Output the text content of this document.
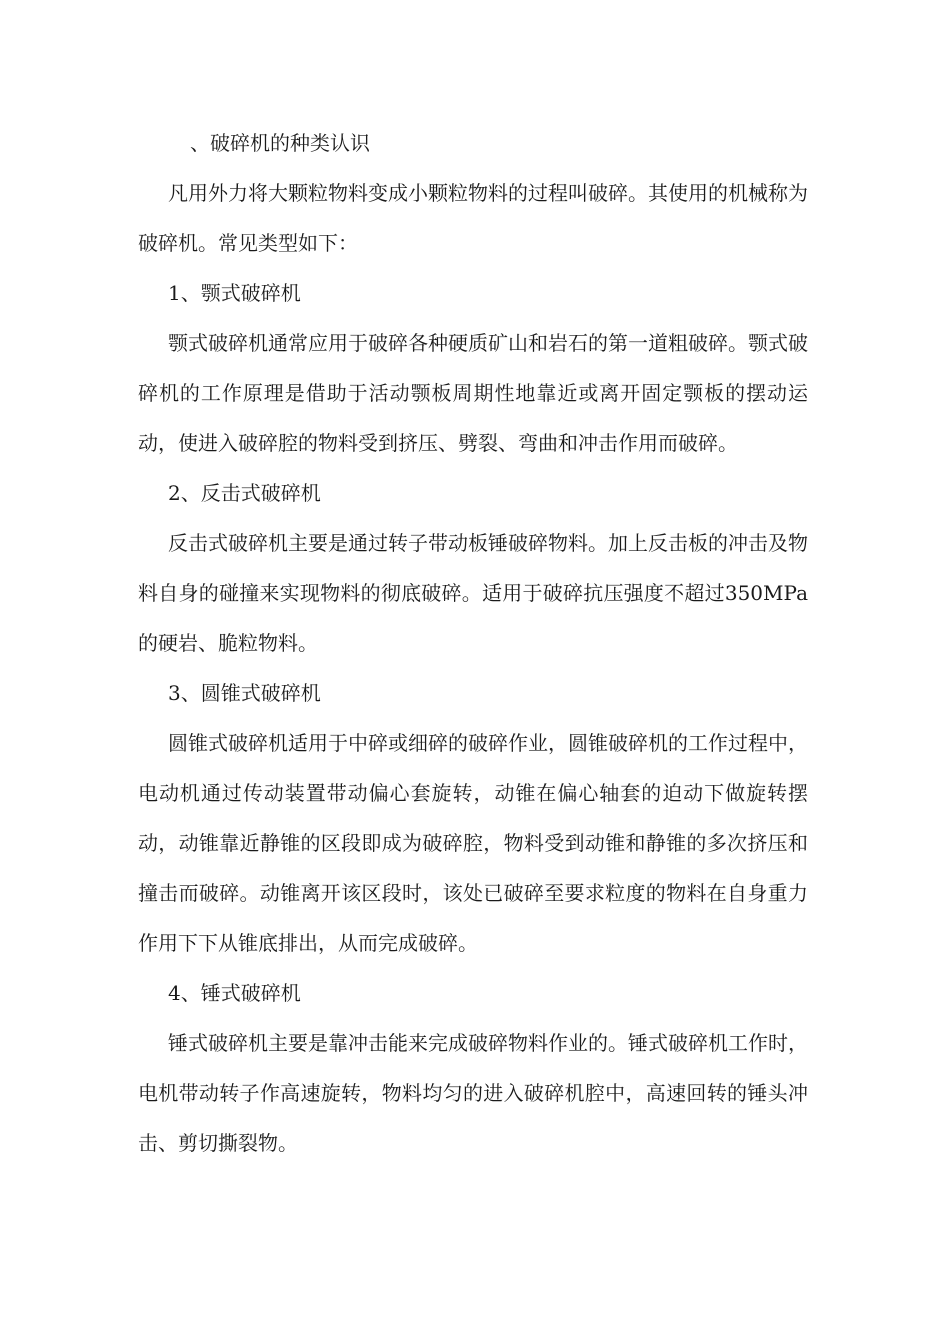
、破碎机的种类认识

凡用外力将大颗粒物料变成小颗粒物料的过程叫破碎。其使用的机械称为破碎机。常见类型如下：

1、颚式破碎机

颚式破碎机通常应用于破碎各种硬质矿山和岩石的第一道粗破碎。颚式破碎机的工作原理是借助于活动颚板周期性地靠近或离开固定颚板的摆动运动，使进入破碎腔的物料受到挤压、劈裂、弯曲和冲击作用而破碎。

2、反击式破碎机

反击式破碎机主要是通过转子带动板锤破碎物料。加上反击板的冲击及物料自身的碰撞来实现物料的彻底破碎。适用于破碎抗压强度不超过350MPa的硬岩、脆粒物料。

3、圆锥式破碎机

圆锥式破碎机适用于中碎或细碎的破碎作业，圆锥破碎机的工作过程中，电动机通过传动装置带动偏心套旋转，动锥在偏心轴套的迫动下做旋转摆动，动锥靠近静锥的区段即成为破碎腔，物料受到动锥和静锥的多次挤压和撞击而破碎。动锥离开该区段时，该处已破碎至要求粒度的物料在自身重力作用下下从锥底排出，从而完成破碎。

4、锤式破碎机

锤式破碎机主要是靠冲击能来完成破碎物料作业的。锤式破碎机工作时，电机带动转子作高速旋转，物料均匀的进入破碎机腔中，高速回转的锤头冲击、剪切撕裂物。
